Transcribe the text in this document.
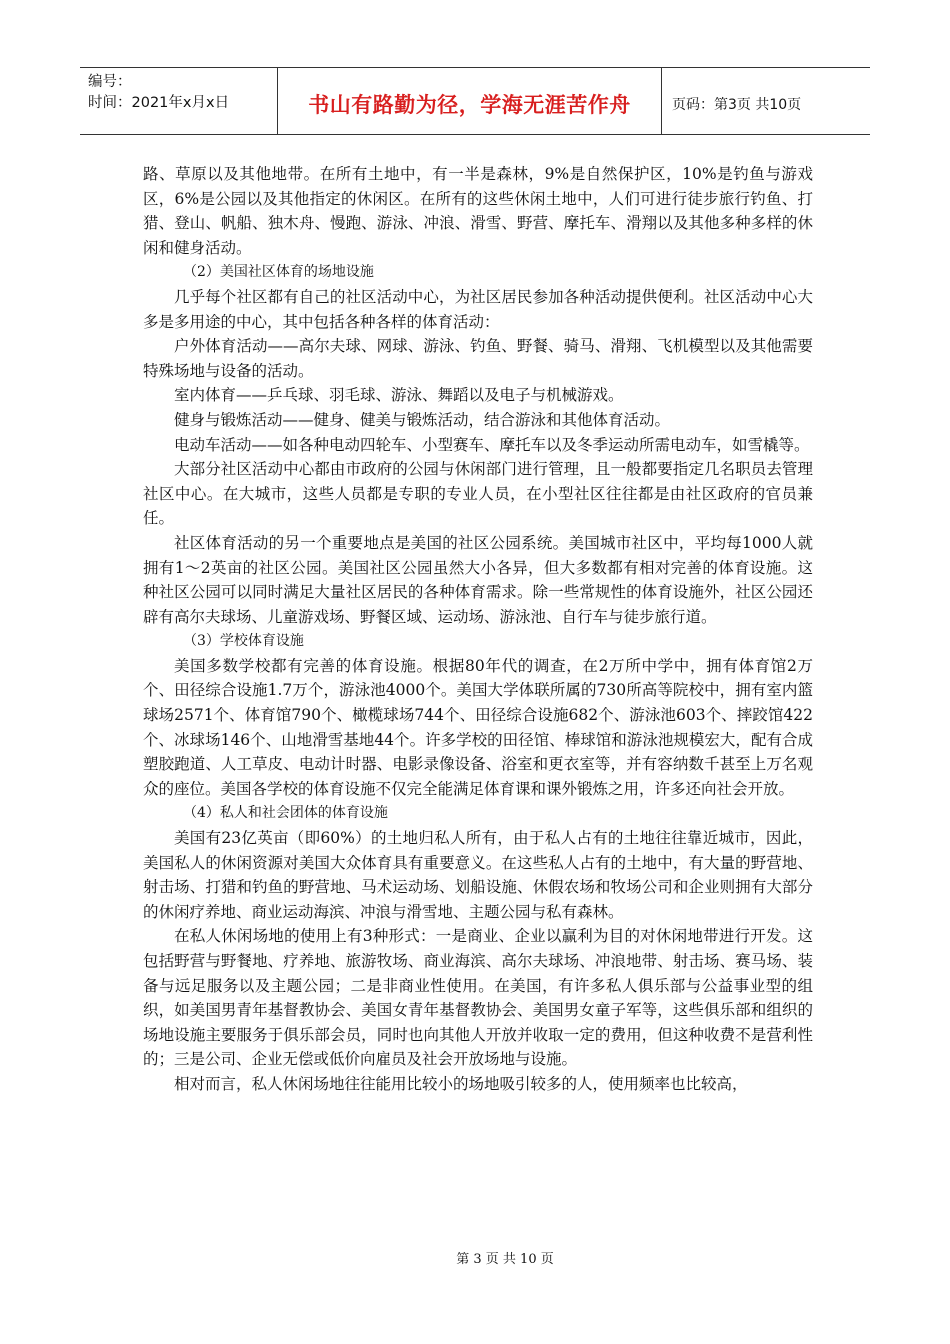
编号：
时间：2021年x月x日	书山有路勤为径，学海无涯苦作舟	页码：第3页 共10页

路、草原以及其他地带。在所有土地中，有一半是森林，9%是自然保护区，10%是钓鱼与游戏区，6%是公园以及其他指定的休闲区。在所有的这些休闲土地中，人们可进行徒步旅行钓鱼、打猎、登山、帆船、独木舟、慢跑、游泳、冲浪、滑雪、野营、摩托车、滑翔以及其他多种多样的休闲和健身活动。

（2）美国社区体育的场地设施

几乎每个社区都有自己的社区活动中心，为社区居民参加各种活动提供便利。社区活动中心大多是多用途的中心，其中包括各种各样的体育活动：

户外体育活动——高尔夫球、网球、游泳、钓鱼、野餐、骑马、滑翔、飞机模型以及其他需要特殊场地与设备的活动。

室内体育——乒乓球、羽毛球、游泳、舞蹈以及电子与机械游戏。

健身与锻炼活动——健身、健美与锻炼活动，结合游泳和其他体育活动。

电动车活动——如各种电动四轮车、小型赛车、摩托车以及冬季运动所需电动车，如雪橇等。

大部分社区活动中心都由市政府的公园与休闲部门进行管理，且一般都要指定几名职员去管理社区中心。在大城市，这些人员都是专职的专业人员，在小型社区往往都是由社区政府的官员兼任。

社区体育活动的另一个重要地点是美国的社区公园系统。美国城市社区中，平均每1000人就拥有1～2英亩的社区公园。美国社区公园虽然大小各异，但大多数都有相对完善的体育设施。这种社区公园可以同时满足大量社区居民的各种体育需求。除一些常规性的体育设施外，社区公园还辟有高尔夫球场、儿童游戏场、野餐区域、运动场、游泳池、自行车与徒步旅行道。

（3）学校体育设施

美国多数学校都有完善的体育设施。根据80年代的调查，在2万所中学中，拥有体育馆2万个、田径综合设施1.7万个，游泳池4000个。美国大学体联所属的730所高等院校中，拥有室内篮球场2571个、体育馆790个、橄榄球场744个、田径综合设施682个、游泳池603个、摔跤馆422个、冰球场146个、山地滑雪基地44个。许多学校的田径馆、棒球馆和游泳池规模宏大，配有合成塑胶跑道、人工草皮、电动计时器、电影录像设备、浴室和更衣室等，并有容纳数千甚至上万名观众的座位。美国各学校的体育设施不仅完全能满足体育课和课外锻炼之用，许多还向社会开放。

（4）私人和社会团体的体育设施

美国有23亿英亩（即60%）的土地归私人所有，由于私人占有的土地往往靠近城市，因此，美国私人的休闲资源对美国大众体育具有重要意义。在这些私人占有的土地中，有大量的野营地、射击场、打猎和钓鱼的野营地、马术运动场、划船设施、休假农场和牧场公司和企业则拥有大部分的休闲疗养地、商业运动海滨、冲浪与滑雪地、主题公园与私有森林。

在私人休闲场地的使用上有3种形式：一是商业、企业以赢利为目的对休闲地带进行开发。这包括野营与野餐地、疗养地、旅游牧场、商业海滨、高尔夫球场、冲浪地带、射击场、赛马场、装备与远足服务以及主题公园；二是非商业性使用。在美国，有许多私人俱乐部与公益事业型的组织，如美国男青年基督教协会、美国女青年基督教协会、美国男女童子军等，这些俱乐部和组织的场地设施主要服务于俱乐部会员，同时也向其他人开放并收取一定的费用，但这种收费不是营利性的；三是公司、企业无偿或低价向雇员及社会开放场地与设施。

相对而言，私人休闲场地往往能用比较小的场地吸引较多的人，使用频率也比较高，

第 3 页 共 10 页
